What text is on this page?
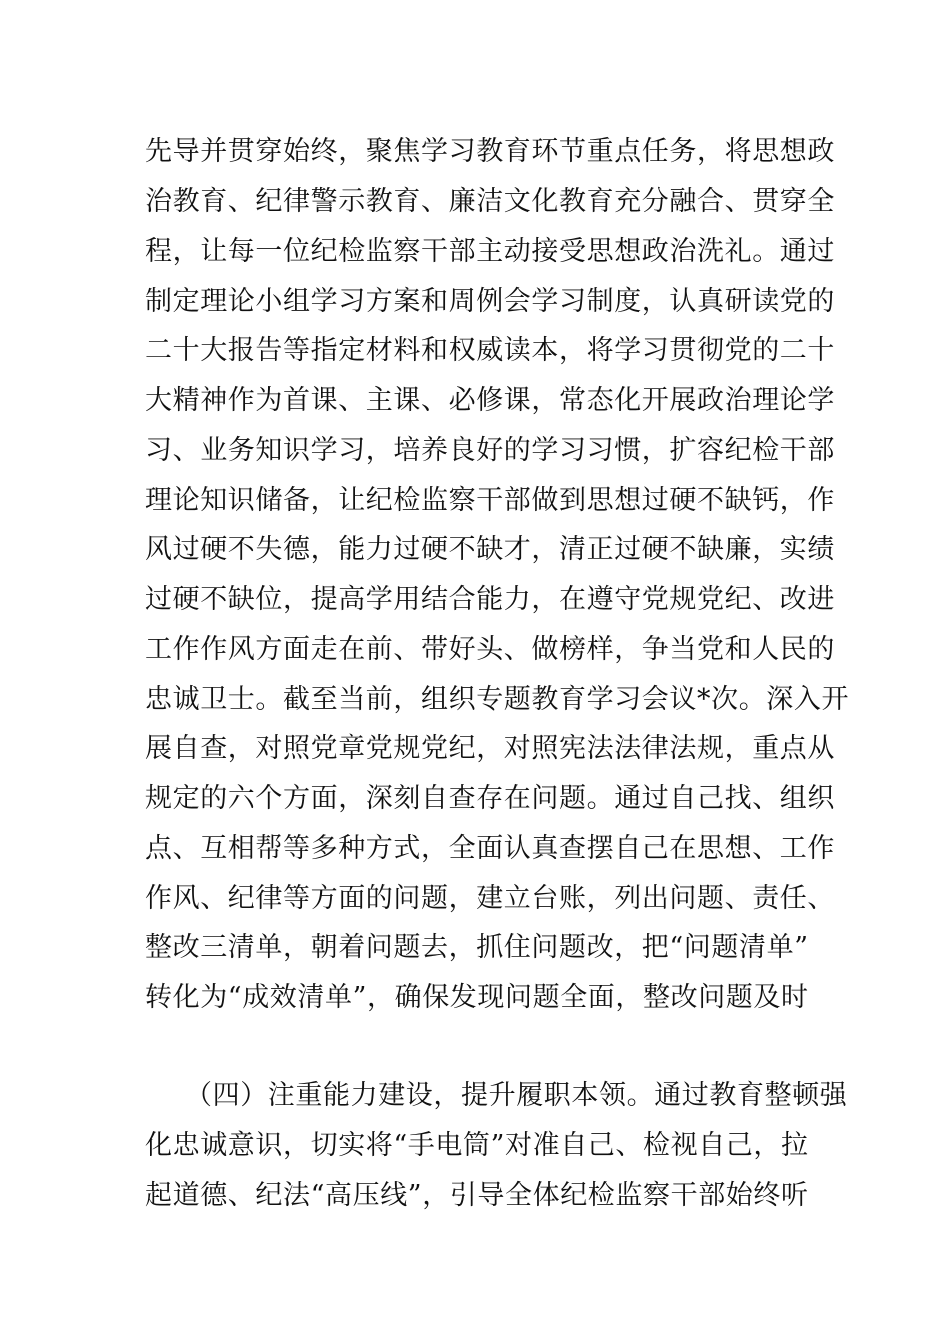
先导并贯穿始终，聚焦学习教育环节重点任务，将思想政
治教育、纪律警示教育、廉洁文化教育充分融合、贯穿全
程，让每一位纪检监察干部主动接受思想政治洗礼。通过
制定理论小组学习方案和周例会学习制度，认真研读党的
二十大报告等指定材料和权威读本，将学习贯彻党的二十
大精神作为首课、主课、必修课，常态化开展政治理论学
习、业务知识学习，培养良好的学习习惯，扩容纪检干部
理论知识储备，让纪检监察干部做到思想过硬不缺钙，作
风过硬不失德，能力过硬不缺才，清正过硬不缺廉，实绩
过硬不缺位，提高学用结合能力，在遵守党规党纪、改进
工作作风方面走在前、带好头、做榜样，争当党和人民的
忠诚卫士。截至当前，组织专题教育学习会议*次。深入开
展自查，对照党章党规党纪，对照宪法法律法规，重点从
规定的六个方面，深刻自查存在问题。通过自己找、组织
点、互相帮等多种方式，全面认真查摆自己在思想、工作
作风、纪律等方面的问题，建立台账，列出问题、责任、
整改三清单，朝着问题去，抓住问题改，把“问题清单”
转化为“成效清单”，确保发现问题全面，整改问题及时
（四）注重能力建设，提升履职本领。通过教育整顿强
化忠诚意识，切实将“手电筒”对准自己、检视自己，拉
起道德、纪法“高压线”，引导全体纪检监察干部始终听
